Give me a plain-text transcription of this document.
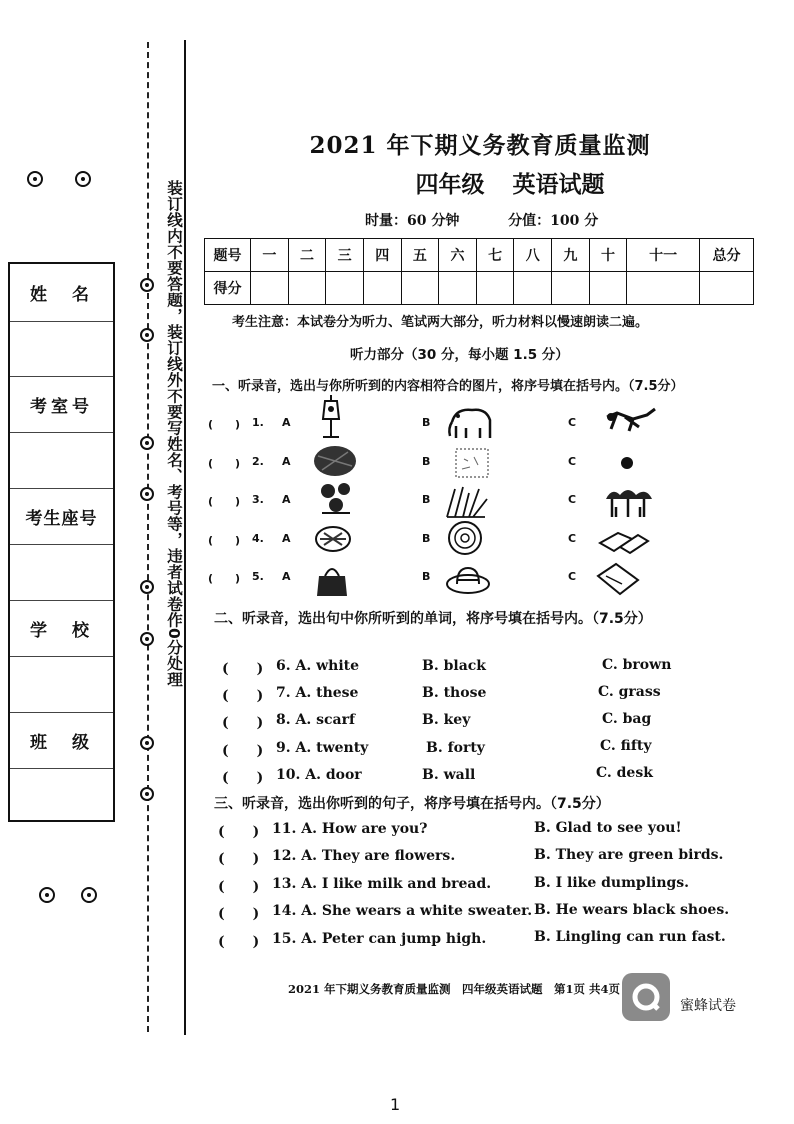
姓　名
考室号
考生座号
学　校
班　级
装订线内不要答题，装订线外不要写姓名、考号等，违者试卷作0分处理
2021 年下期义务教育质量监测
四年级 英语试题
时量：60 分钟	分值：100 分
题号	一	二	三	四	五	六	七	八	九	十	十一	总分
得分												
考生注意：本试卷分为听力、笔试两大部分，听力材料以慢速朗读二遍。
听力部分（30 分，每小题 1.5 分）
一、听录音，选出与你所听到的内容相符合的图片，将序号填在括号内。（7.5分）
(　　) 1. A	B	C
(　　) 2. A	B	C
(　　) 3. A	B	C
(　　) 4. A	B	C
(　　) 5. A	B	C
二、听录音，选出句中你所听到的单词，将序号填在括号内。（7.5分）
(　　) 6. A. white	B. black	C. brown
(　　) 7. A. these	B. those	C. grass
(　　) 8. A. scarf	B. key	C. bag
(　　) 9. A. twenty	B. forty	C. fifty
(　　) 10. A. door	B. wall	C. desk
三、听录音，选出你听到的句子，将序号填在括号内。（7.5分）
(　　) 11. A. How are you?	B. Glad to see you!
(　　) 12. A. They are flowers.	B. They are green birds.
(　　) 13. A. I like milk and bread.	B. I like dumplings.
(　　) 14. A. She wears a white sweater. B. He wears black shoes.
(　　) 15. A. Peter can jump high.	B. Lingling can run fast.
2021 年下期义务教育质量监测　四年级英语试题　第1页 共4页
蜜蜂试卷
1
